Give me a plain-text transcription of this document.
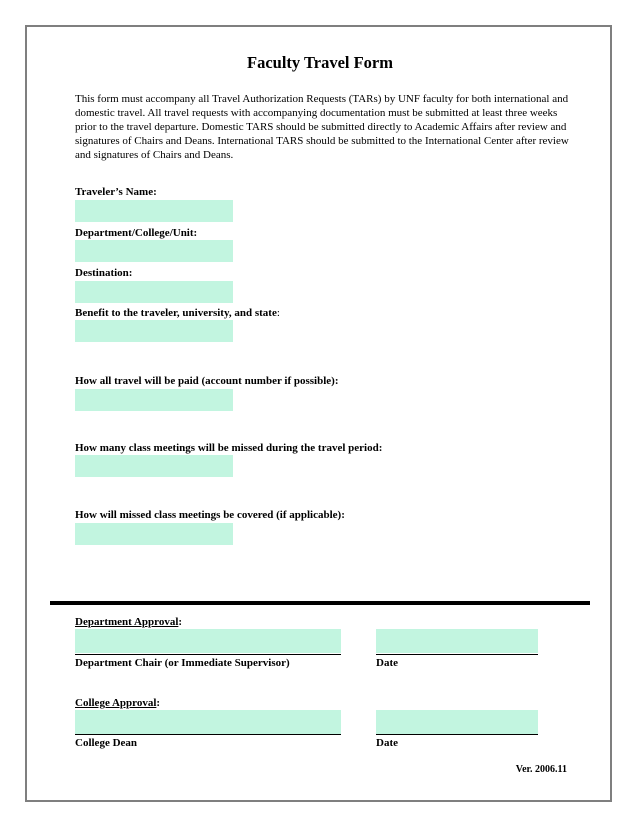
Faculty Travel Form
This form must accompany all Travel Authorization Requests (TARs) by UNF faculty for both international and domestic travel. All travel requests with accompanying documentation must be submitted at least three weeks prior to the travel departure. Domestic TARS should be submitted directly to Academic Affairs after review and signatures of Chairs and Deans. International TARS should be submitted to the International Center after review and signatures of Chairs and Deans.
Traveler’s Name:
Department/College/Unit:
Destination:
Benefit to the traveler, university, and state:
How all travel will be paid (account number if possible):
How many class meetings will be missed during the travel period:
How will missed class meetings be covered (if applicable):
Department Approval:
Department Chair (or Immediate Supervisor)	Date
College Approval:
College Dean	Date
Ver. 2006.11
